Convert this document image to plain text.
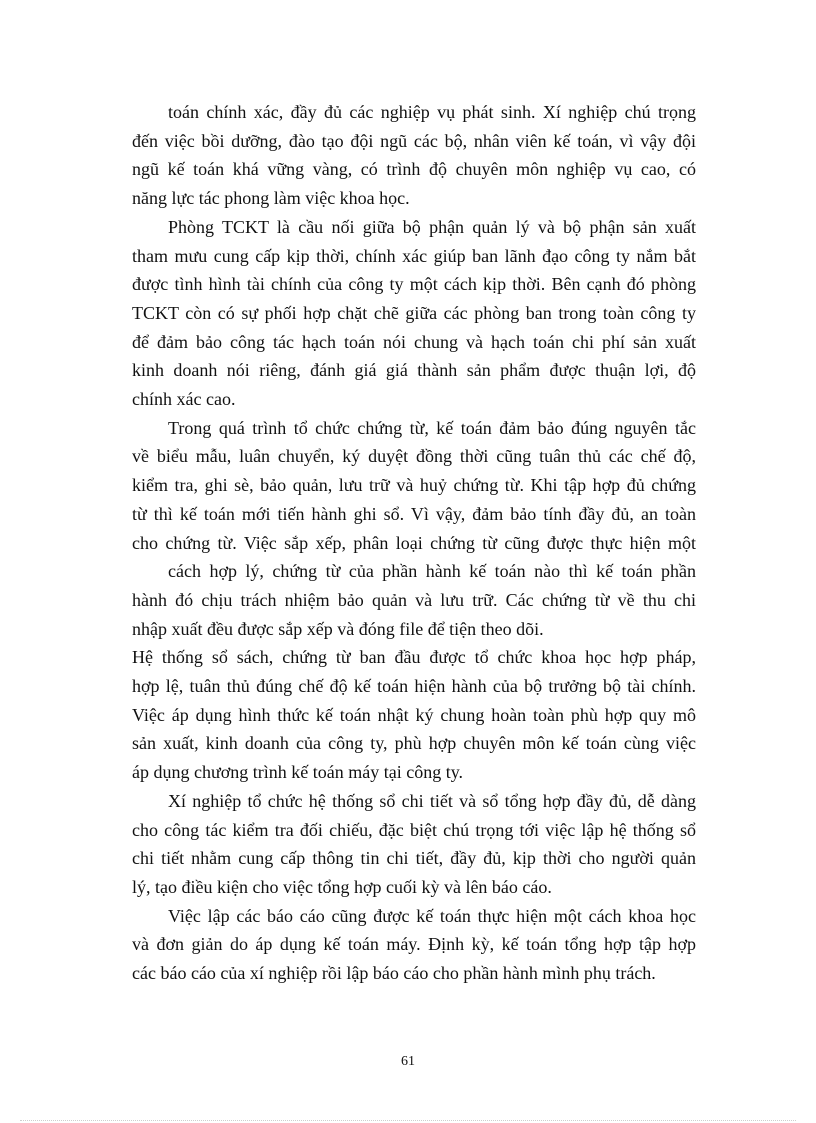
toán chính xác, đầy đủ các nghiệp vụ phát sinh. Xí nghiệp chú trọng
đến việc bồi dưỡng, đào tạo đội ngũ các bộ, nhân viên kế toán, vì vậy đội
ngũ kế toán khá vững vàng, có trình độ chuyên môn nghiệp vụ cao, có
năng lực tác phong làm việc khoa học.
Phòng TCKT là cầu nối giữa bộ phận quản lý và bộ phận sản xuất
tham mưu cung cấp kịp thời, chính xác giúp ban lãnh đạo công ty nắm bắt
được tình hình tài chính của công ty một cách kịp thời. Bên cạnh đó phòng
TCKT còn có sự phối hợp chặt chẽ giữa các phòng ban trong toàn công ty
để đảm bảo công tác hạch toán nói chung và hạch toán chi phí sản xuất
kinh doanh nói riêng, đánh giá giá thành sản phẩm được thuận lợi, độ
chính xác cao.
Trong quá trình tổ chức chứng từ, kế toán đảm bảo đúng nguyên tắc
về biểu mẫu, luân chuyển, ký duyệt đồng thời cũng tuân thủ các chế độ,
kiểm tra, ghi sè, bảo quản, lưu trữ và huỷ chứng từ. Khi tập hợp đủ chứng
từ thì kế toán mới tiến hành ghi sổ. Vì vậy, đảm bảo tính đầy đủ, an toàn
cho chứng từ. Việc sắp xếp, phân loại chứng từ cũng được thực hiện một
cách hợp lý, chứng từ của phần hành kế toán nào thì kế toán phần
hành đó chịu trách nhiệm bảo quản và lưu trữ. Các chứng từ về thu chi
nhập xuất đều được sắp xếp và đóng file để tiện theo dõi.
Hệ thống sổ sách, chứng từ ban đầu được tổ chức khoa học hợp pháp,
hợp lệ, tuân thủ đúng chế độ kế toán hiện hành của bộ trưởng bộ tài chính.
Việc áp dụng hình thức kế toán nhật ký chung hoàn toàn phù hợp quy mô
sản xuất, kinh doanh của công ty, phù hợp chuyên môn kế toán cùng việc
áp dụng chương trình kế toán máy tại công ty.
Xí nghiệp tổ chức hệ thống sổ chi tiết và sổ tổng hợp đầy đủ, dễ dàng
cho công tác kiểm tra đối chiếu, đặc biệt chú trọng tới việc lập hệ thống sổ
chi tiết nhằm cung cấp thông tin chi tiết, đầy đủ, kịp thời cho người quản
lý, tạo điều kiện cho việc tổng hợp cuối kỳ và lên báo cáo.
Việc lập các báo cáo cũng được kế toán thực hiện một cách khoa học
và đơn giản do áp dụng kế toán máy. Định kỳ, kế toán tổng hợp tập hợp
các báo cáo của xí nghiệp rồi lập báo cáo cho phần hành mình phụ trách.
61
